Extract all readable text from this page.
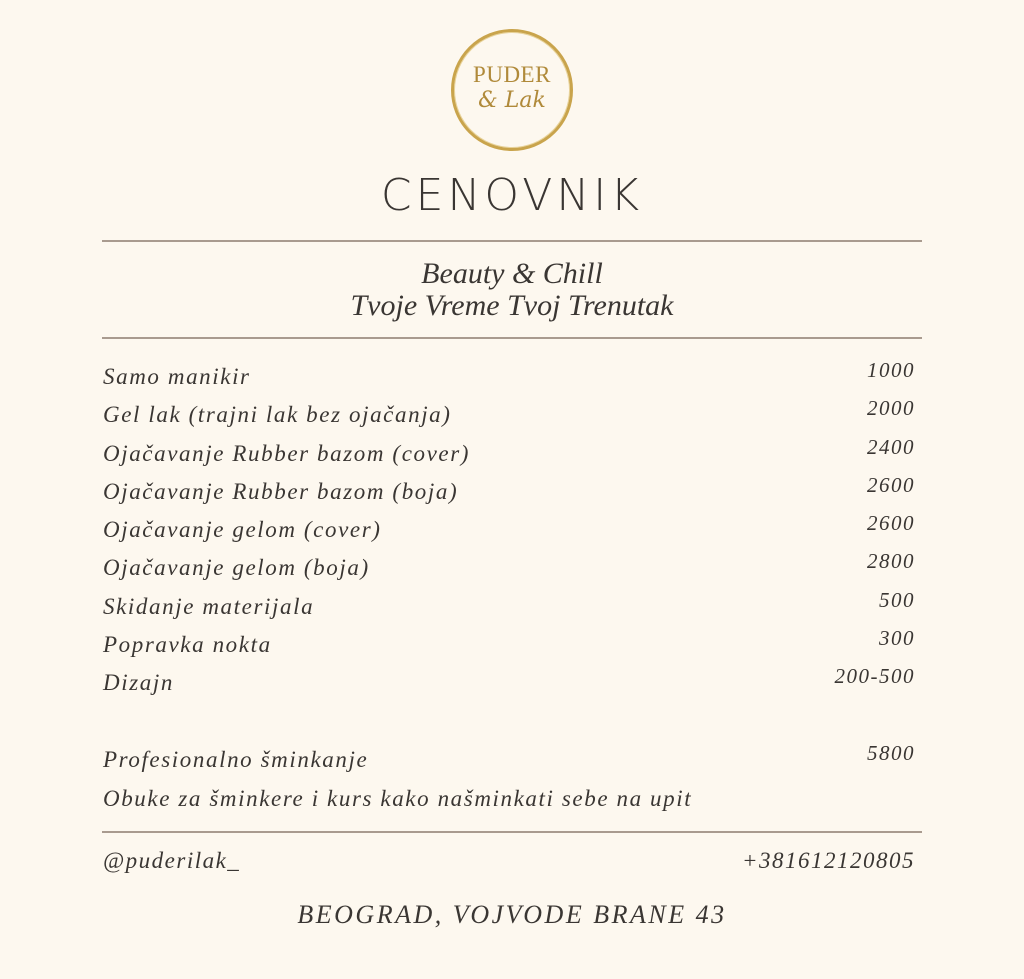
PUDER
& Lak
CENOVNIK
Beauty & Chill
Tvoje Vreme Tvoj Trenutak
Samo manikir	1000
Gel lak (trajni lak bez ojačanja)	2000
Ojačavanje Rubber bazom (cover)	2400
Ojačavanje Rubber bazom (boja)	2600
Ojačavanje gelom (cover)	2600
Ojačavanje gelom (boja)	2800
Skidanje materijala	500
Popravka nokta	300
Dizajn	200-500
Profesionalno šminkanje	5800
Obuke za šminkere i kurs kako našminkati sebe na upit
@puderilak_	+381612120805
BEOGRAD, VOJVODE BRANE 43
